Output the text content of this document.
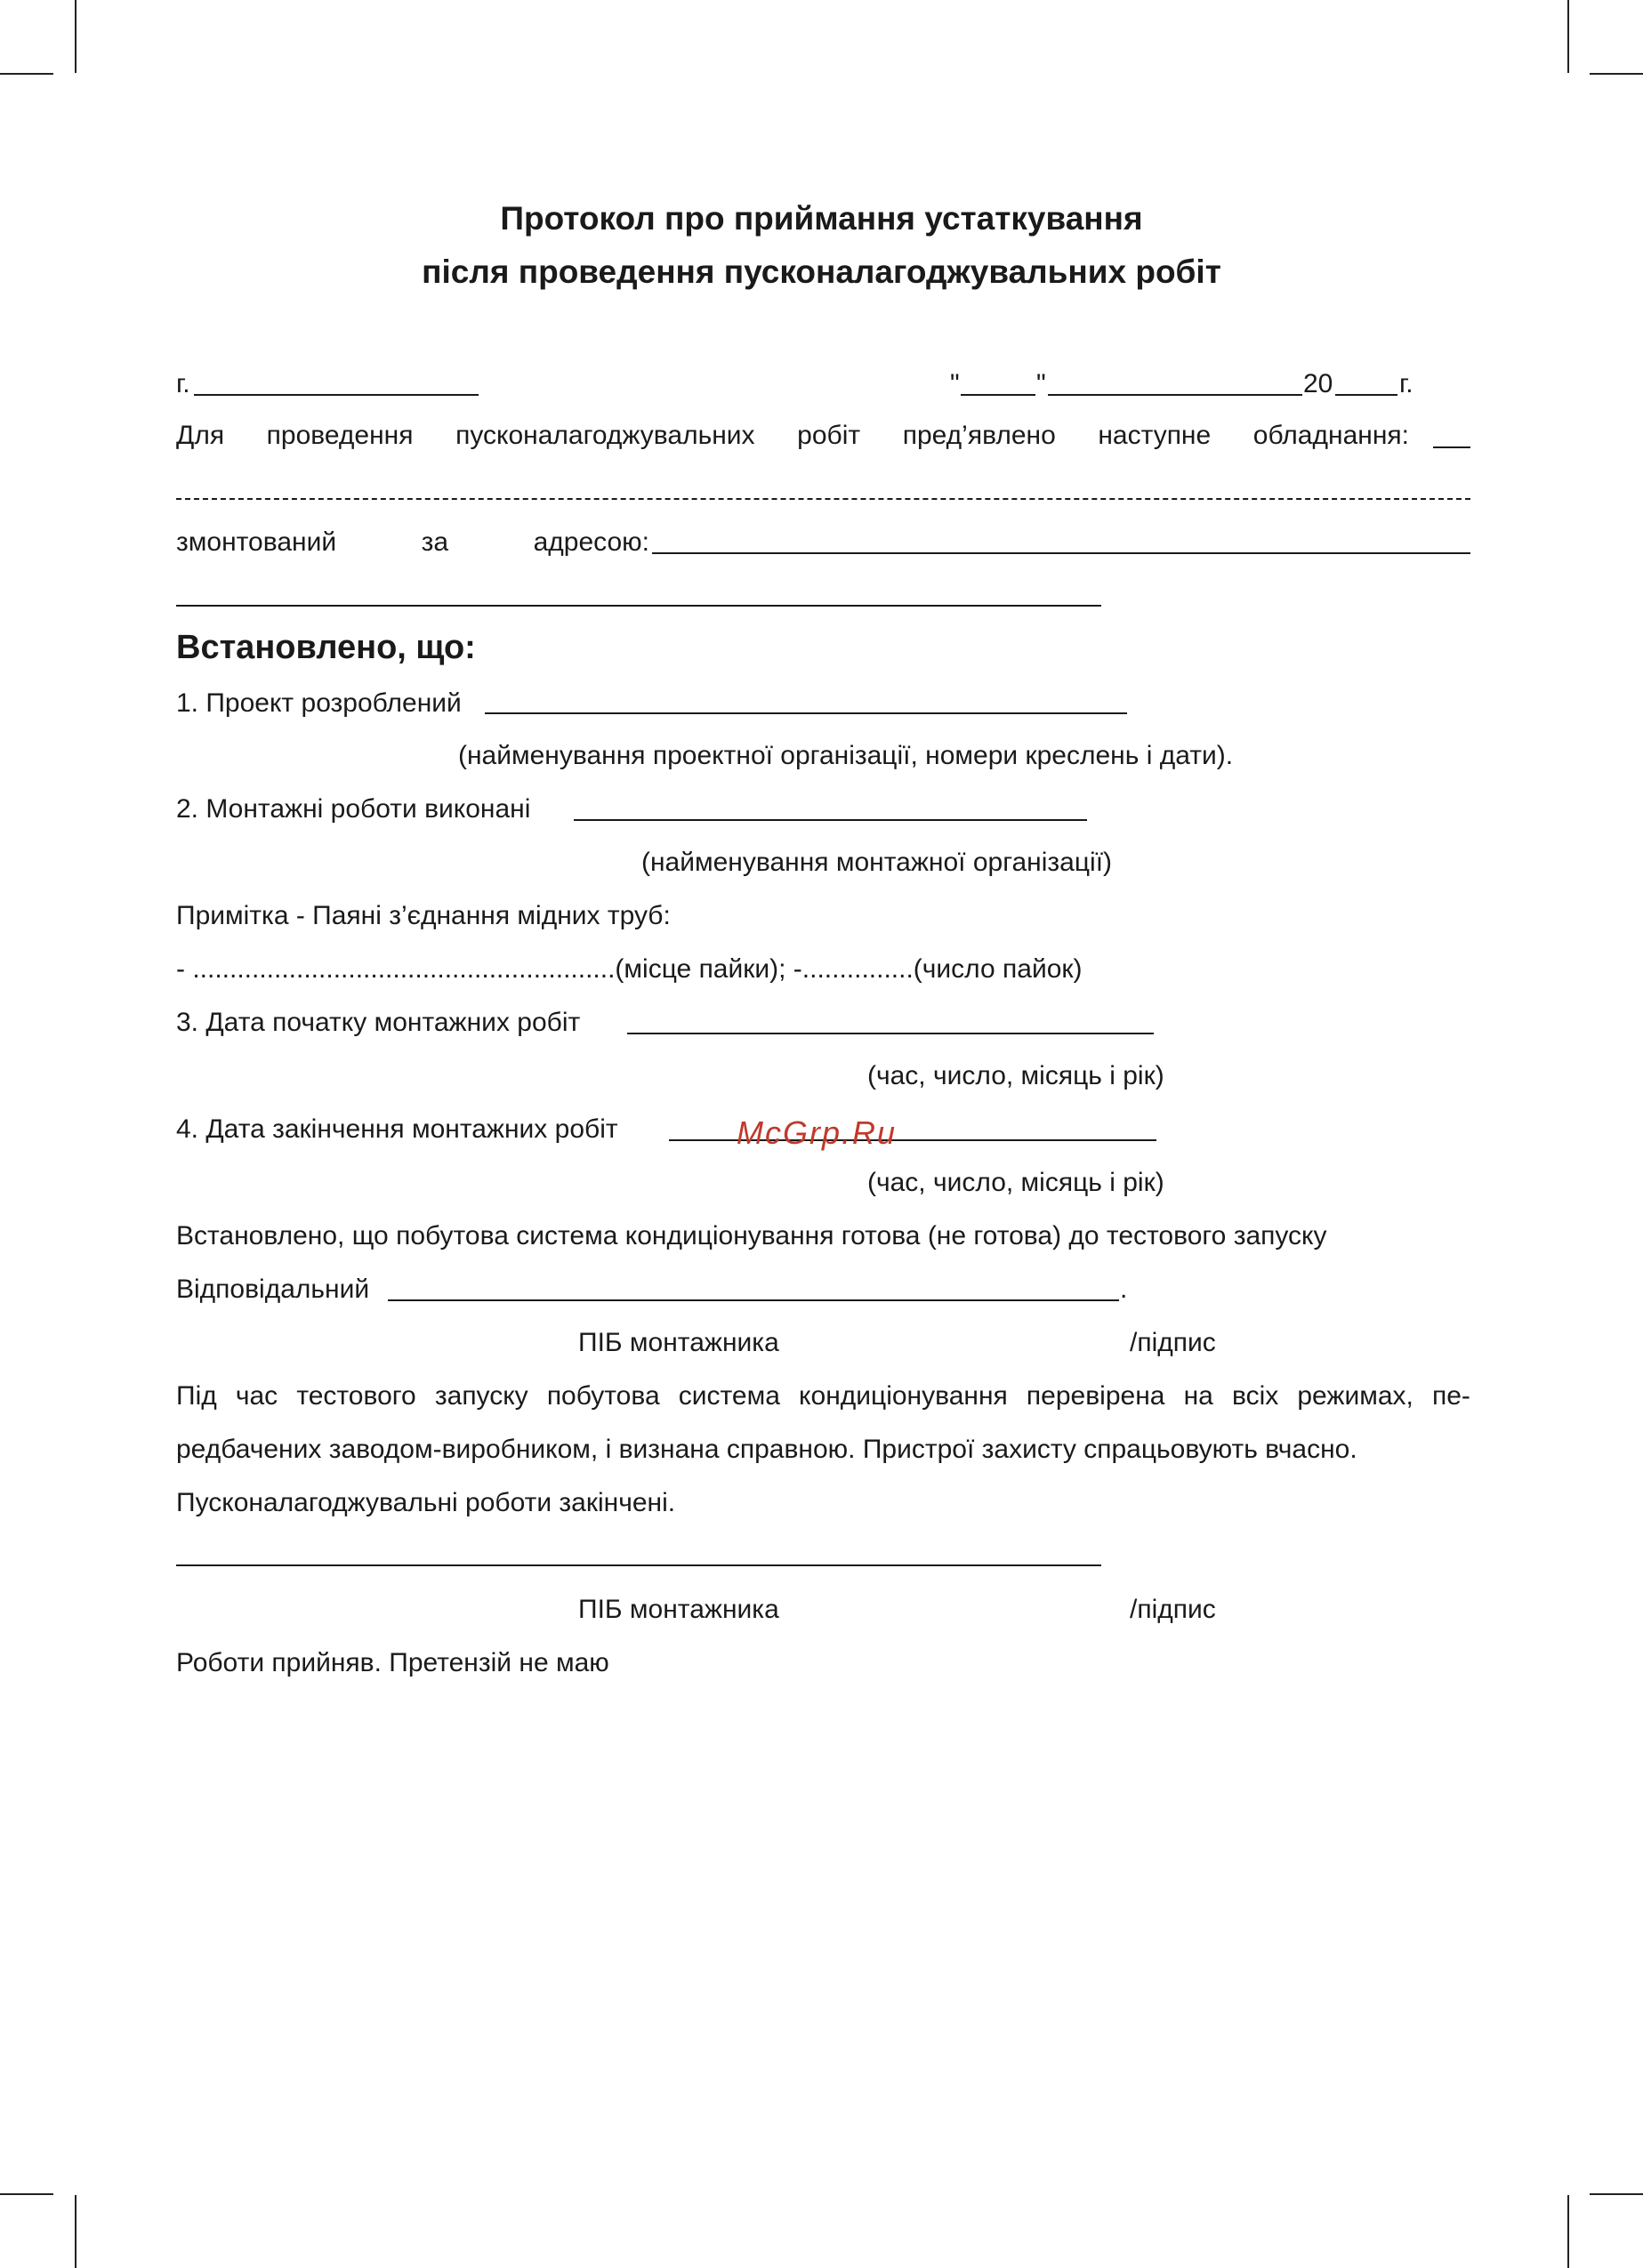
Протокол про приймання устаткування
після проведення пусконалагоджувальних робіт
г.	"	"	20 г.
Для проведення пусконалагоджувальних робіт пред’явлено наступне обладнання:
змонтований	за	адресою:
Встановлено, що:
1. Проект розроблений
(найменування проектної організації, номери креслень і дати).
2. Монтажні роботи виконані
(найменування монтажної організації)
Примітка - Паяні з’єднання мідних труб:
- .........................................................(місце пайки); -...............(число пайок)
3. Дата початку монтажних робіт
(час, число, місяць і рік)
4. Дата закінчення монтажних робіт	McGrp.Ru
(час, число, місяць і рік)
Встановлено, що побутова система кондиціонування готова (не готова) до тестового запуску
Відповідальний	.
ПІБ монтажника	/підпис
Під час тестового запуску побутова система кондиціонування перевірена на всіх режимах, пе-
редбачених заводом-виробником, і визнана справною. Пристрої захисту спрацьовують вчасно.
Пусконалагоджувальні роботи закінчені.
ПІБ монтажника	/підпис
Роботи прийняв. Претензій не маю
